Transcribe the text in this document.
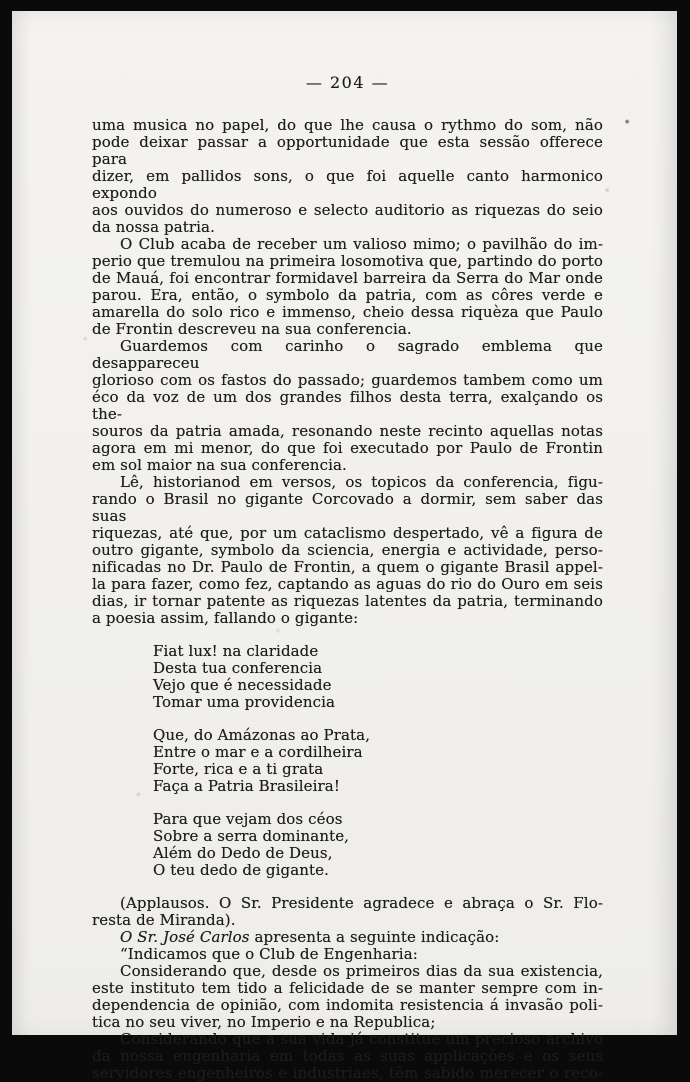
— 204 —
uma musica no papel, do que lhe causa o rythmo do som, não
pode deixar passar a opportunidade que esta sessão offerece para
dizer, em pallidos sons, o que foi aquelle canto harmonico expondo
aos ouvidos do numeroso e selecto auditorio as riquezas do seio
da nossa patria.
O Club acaba de receber um valioso mimo; o pavilhão do im-
perio que tremulou na primeira losomotiva que, partindo do porto
de Mauá, foi encontrar formidavel barreira da Serra do Mar onde
parou. Era, então, o symbolo da patria, com as côres verde e
amarella do solo rico e immenso, cheio dessa riquèza que Paulo
de Frontin descreveu na sua conferencia.
Guardemos com carinho o sagrado emblema que desappareceu
glorioso com os fastos do passado; guardemos tambem como um
éco da voz de um dos grandes filhos desta terra, exalçando os the-
souros da patria amada, resonando neste recinto aquellas notas
agora em mi menor, do que foi executado por Paulo de Frontin
em sol maior na sua conferencia.
Lê, historianod em versos, os topicos da conferencia, figu-
rando o Brasil no gigante Corcovado a dormir, sem saber das suas
riquezas, até que, por um cataclismo despertado, vê a figura de
outro gigante, symbolo da sciencia, energia e actividade, perso-
nificadas no Dr. Paulo de Frontin, a quem o gigante Brasil appel-
la para fazer, como fez, captando as aguas do rio do Ouro em seis
dias, ir tornar patente as riquezas latentes da patria, terminando
a poesia assim, fallando o gigante:
Fiat lux! na claridade
Desta tua conferencia
Vejo que é necessidade
Tomar uma providencia
Que, do Amázonas ao Prata,
Entre o mar e a cordilheira
Forte, rica e a ti grata
Faça a Patria Brasileira!
Para que vejam dos céos
Sobre a serra dominante,
Além do Dedo de Deus,
O teu dedo de gigante.
(Applausos. O Sr. Presidente agradece e abraça o Sr. Flo-
resta de Miranda).
O Sr. José Carlos apresenta a seguinte indicação:
“Indicamos que o Club de Engenharia:
Considerando que, desde os primeiros dias da sua existencia,
este instituto tem tido a felicidade de se manter sempre com in-
dependencia de opinião, com indomita resistencia á invasão poli-
tica no seu viver, no Imperio e na Republica;
Considerando que a sua vida já constitue um precioso archivo
da nossa engenharia em todas as suas applicações e os seus
servidores engenheiros e industriaes, têm sabido merecer o reco-
